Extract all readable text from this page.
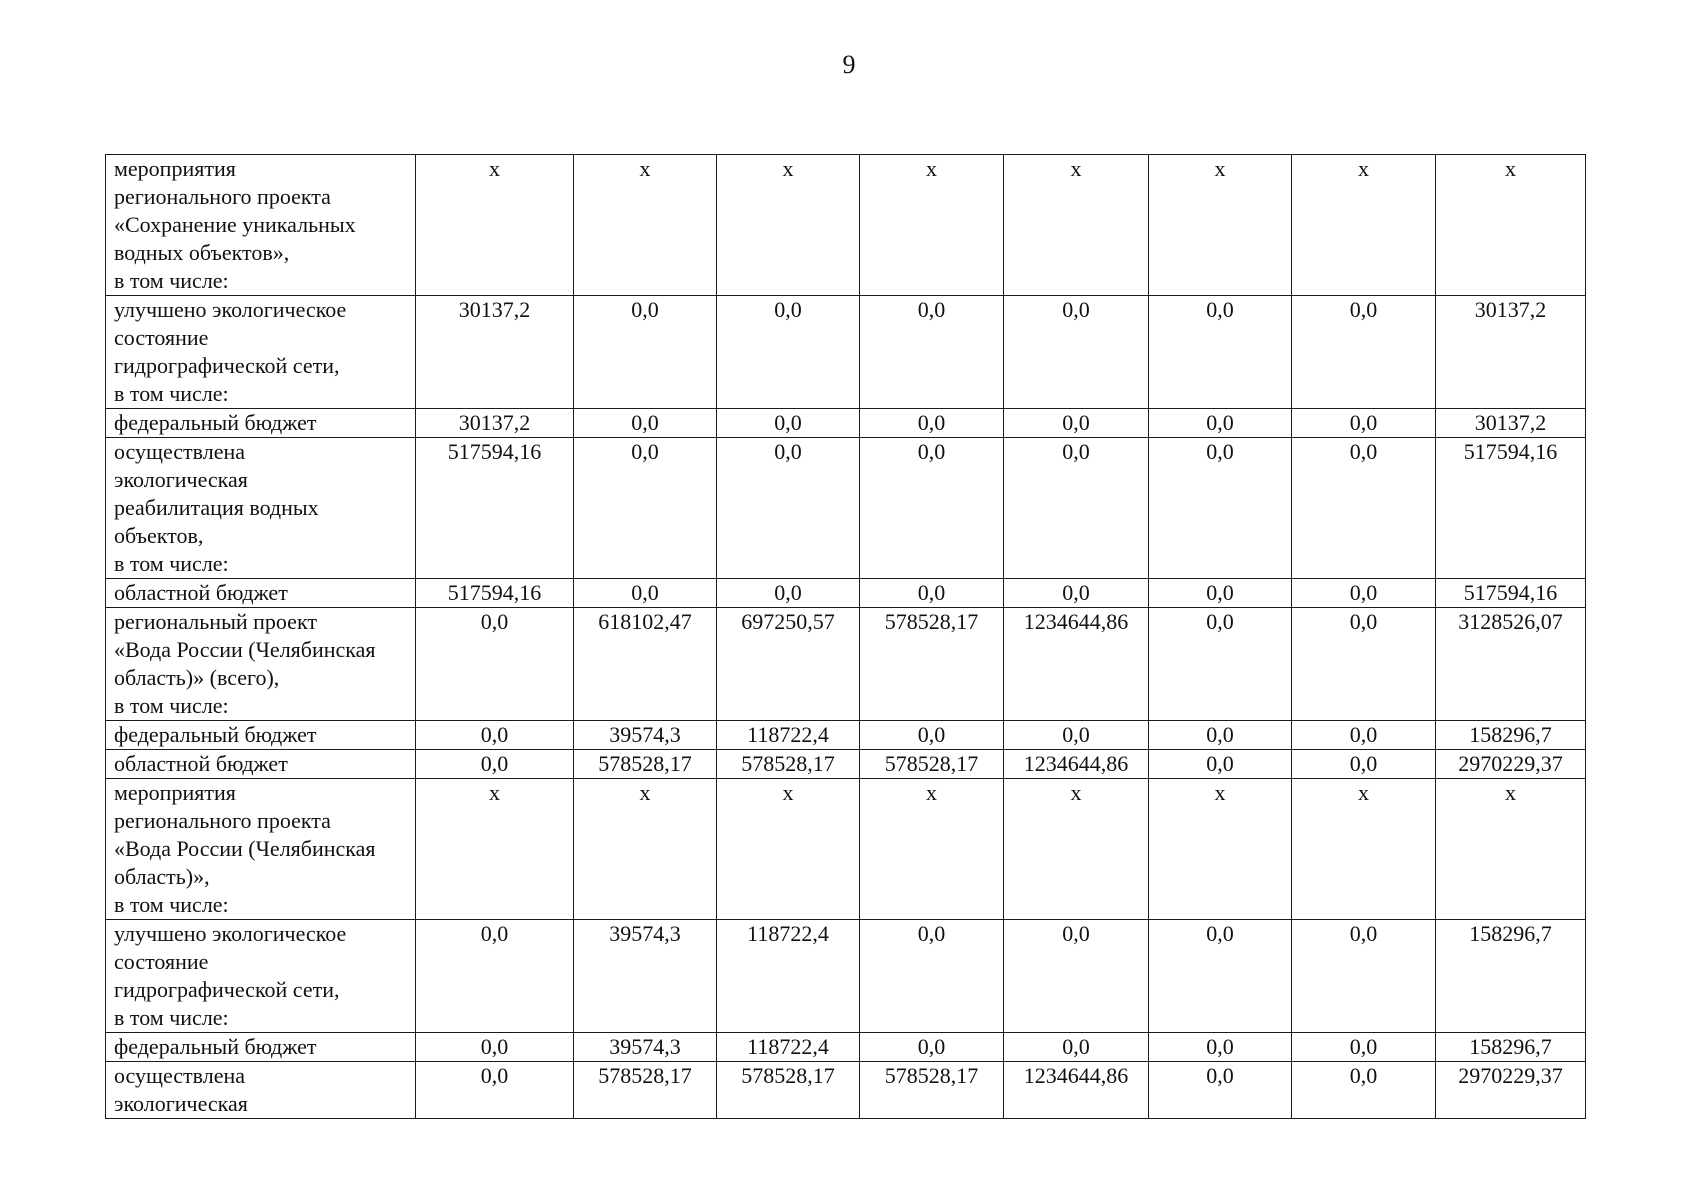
9
мероприятия
регионального проекта
«Сохранение уникальных
водных объектов»,
в том числе:	x	x	x	x	x	x	x	x
улучшено экологическое
состояние
гидрографической сети,
в том числе:	30137,2	0,0	0,0	0,0	0,0	0,0	0,0	30137,2
федеральный бюджет	30137,2	0,0	0,0	0,0	0,0	0,0	0,0	30137,2
осуществлена
экологическая
реабилитация водных
объектов,
в том числе:	517594,16	0,0	0,0	0,0	0,0	0,0	0,0	517594,16
областной бюджет	517594,16	0,0	0,0	0,0	0,0	0,0	0,0	517594,16
региональный проект
«Вода России (Челябинская
область)» (всего),
в том числе:	0,0	618102,47	697250,57	578528,17	1234644,86	0,0	0,0	3128526,07
федеральный бюджет	0,0	39574,3	118722,4	0,0	0,0	0,0	0,0	158296,7
областной бюджет	0,0	578528,17	578528,17	578528,17	1234644,86	0,0	0,0	2970229,37
мероприятия
регионального проекта
«Вода России (Челябинская
область)»,
в том числе:	x	x	x	x	x	x	x	x
улучшено экологическое
состояние
гидрографической сети,
в том числе:	0,0	39574,3	118722,4	0,0	0,0	0,0	0,0	158296,7
федеральный бюджет	0,0	39574,3	118722,4	0,0	0,0	0,0	0,0	158296,7
осуществлена
экологическая	0,0	578528,17	578528,17	578528,17	1234644,86	0,0	0,0	2970229,37
